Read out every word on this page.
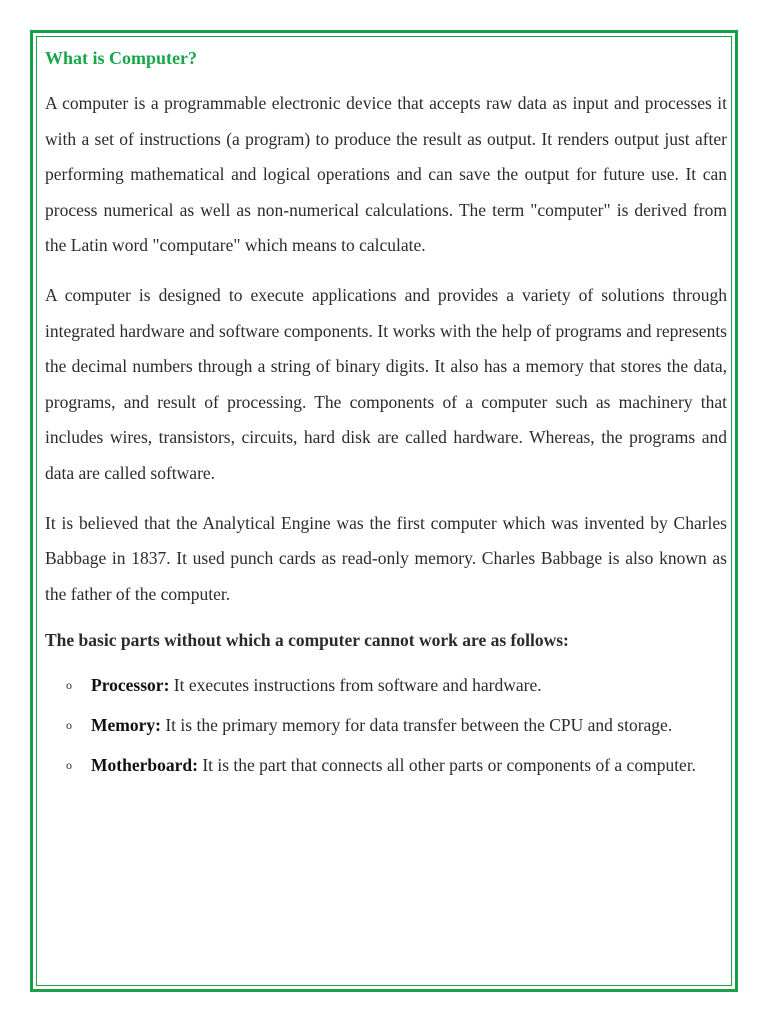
What is Computer?

A computer is a programmable electronic device that accepts raw data as input and processes it with a set of instructions (a program) to produce the result as output. It renders output just after performing mathematical and logical operations and can save the output for future use. It can process numerical as well as non-numerical calculations. The term "computer" is derived from the Latin word "computare" which means to calculate.

A computer is designed to execute applications and provides a variety of solutions through integrated hardware and software components. It works with the help of programs and represents the decimal numbers through a string of binary digits. It also has a memory that stores the data, programs, and result of processing. The components of a computer such as machinery that includes wires, transistors, circuits, hard disk are called hardware. Whereas, the programs and data are called software.

It is believed that the Analytical Engine was the first computer which was invented by Charles Babbage in 1837. It used punch cards as read-only memory. Charles Babbage is also known as the father of the computer.

The basic parts without which a computer cannot work are as follows:
o Processor: It executes instructions from software and hardware.
o Memory: It is the primary memory for data transfer between the CPU and storage.
o Motherboard: It is the part that connects all other parts or components of a computer.
